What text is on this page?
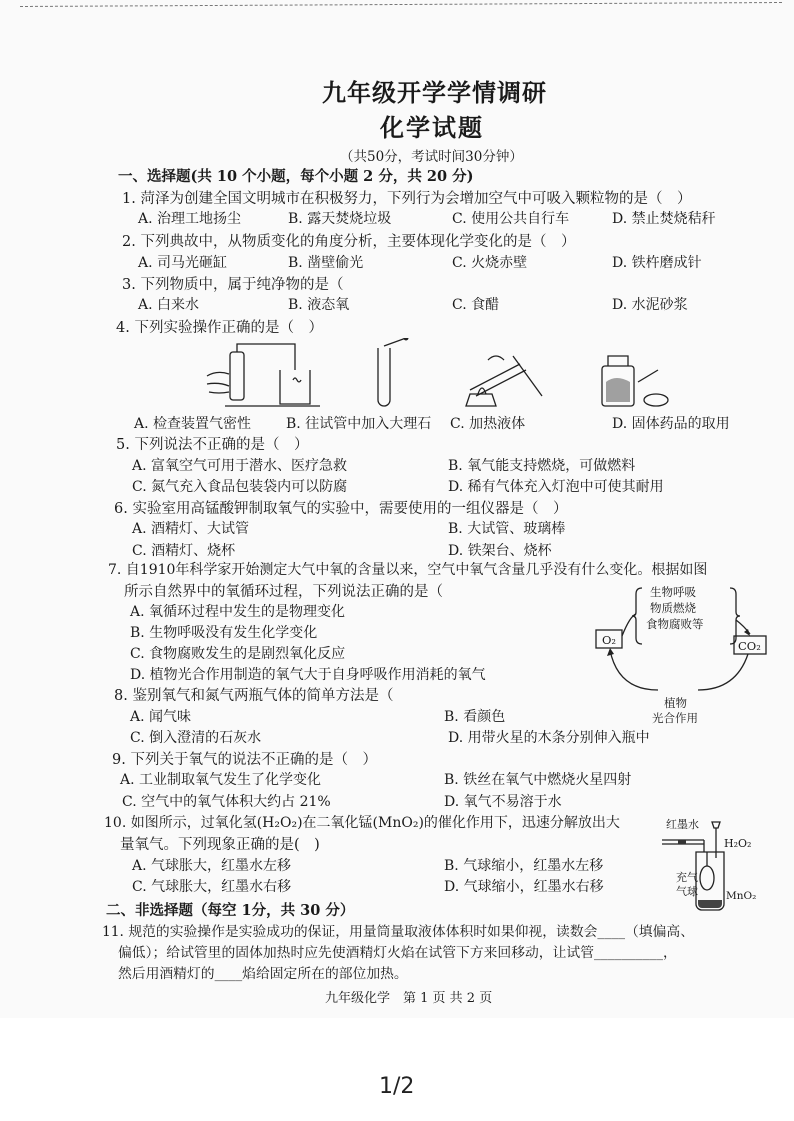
九年级开学学情调研
化学试题
（共50分，考试时间30分钟）
一、选择题(共 10 个小题，每个小题 2 分，共 20 分)
1. 菏泽为创建全国文明城市在积极努力，下列行为会增加空气中可吸入颗粒物的是（　）
A. 治理工地扬尘	B. 露天焚烧垃圾	C. 使用公共自行车	D. 禁止焚烧秸秆
2. 下列典故中，从物质变化的角度分析，主要体现化学变化的是（　）
A. 司马光砸缸	B. 凿壁偷光	C. 火烧赤壁	D. 铁杵磨成针
3. 下列物质中，属于纯净物的是（
A. 白来水	B. 液态氧	C. 食醋	D. 水泥砂浆
4. 下列实验操作正确的是（　）
A. 检查装置气密性 B. 往试管中加入大理石 C. 加热液体	D. 固体药品的取用
5. 下列说法不正确的是（　）
A. 富氧空气可用于潜水、医疗急救	B. 氧气能支持燃烧，可做燃料
C. 氮气充入食品包装袋内可以防腐	D. 稀有气体充入灯泡中可使其耐用
6. 实验室用高锰酸钾制取氧气的实验中，需要使用的一组仪器是（　）
A. 酒精灯、大试管	B. 大试管、玻璃棒
C. 酒精灯、烧杯	D. 铁架台、烧杯
7. 自1910年科学家开始测定大气中氧的含量以来，空气中氧气含量几乎没有什么变化。根据如图
所示自然界中的氧循环过程，下列说法正确的是（
A. 氧循环过程中发生的是物理变化
B. 生物呼吸没有发生化学变化
C. 食物腐败发生的是剧烈氧化反应
D. 植物光合作用制造的氧气大于自身呼吸作用消耗的氧气
生物呼吸
物质燃烧
食物腐败等
O₂	CO₂
植物
光合作用
8. 鉴别氧气和氮气两瓶气体的简单方法是（
A. 闻气味	B. 看颜色
C. 倒入澄清的石灰水	D. 用带火星的木条分别伸入瓶中
9. 下列关于氧气的说法不正确的是（　）
A. 工业制取氧气发生了化学变化	B. 铁丝在氧气中燃烧火星四射
C. 空气中的氧气体积大约占 21%	D. 氧气不易溶于水
10. 如图所示，过氧化氢(H₂O₂)在二氧化锰(MnO₂)的催化作用下，迅速分解放出大
量氧气。下列现象正确的是(　)
A. 气球胀大，红墨水左移	B. 气球缩小，红墨水左移
C. 气球胀大，红墨水右移	D. 气球缩小，红墨水右移
红墨水
H₂O₂
充气
气球	MnO₂
二、非选择题（每空 1分，共 30 分）
11. 规范的实验操作是实验成功的保证，用量筒量取液体体积时如果仰视，读数会____（填偏高、
偏低）；给试管里的固体加热时应先使酒精灯火焰在试管下方来回移动，让试管__________，
然后用酒精灯的____焰给固定所在的部位加热。
九年级化学　第 1 页 共 2 页
1/2
